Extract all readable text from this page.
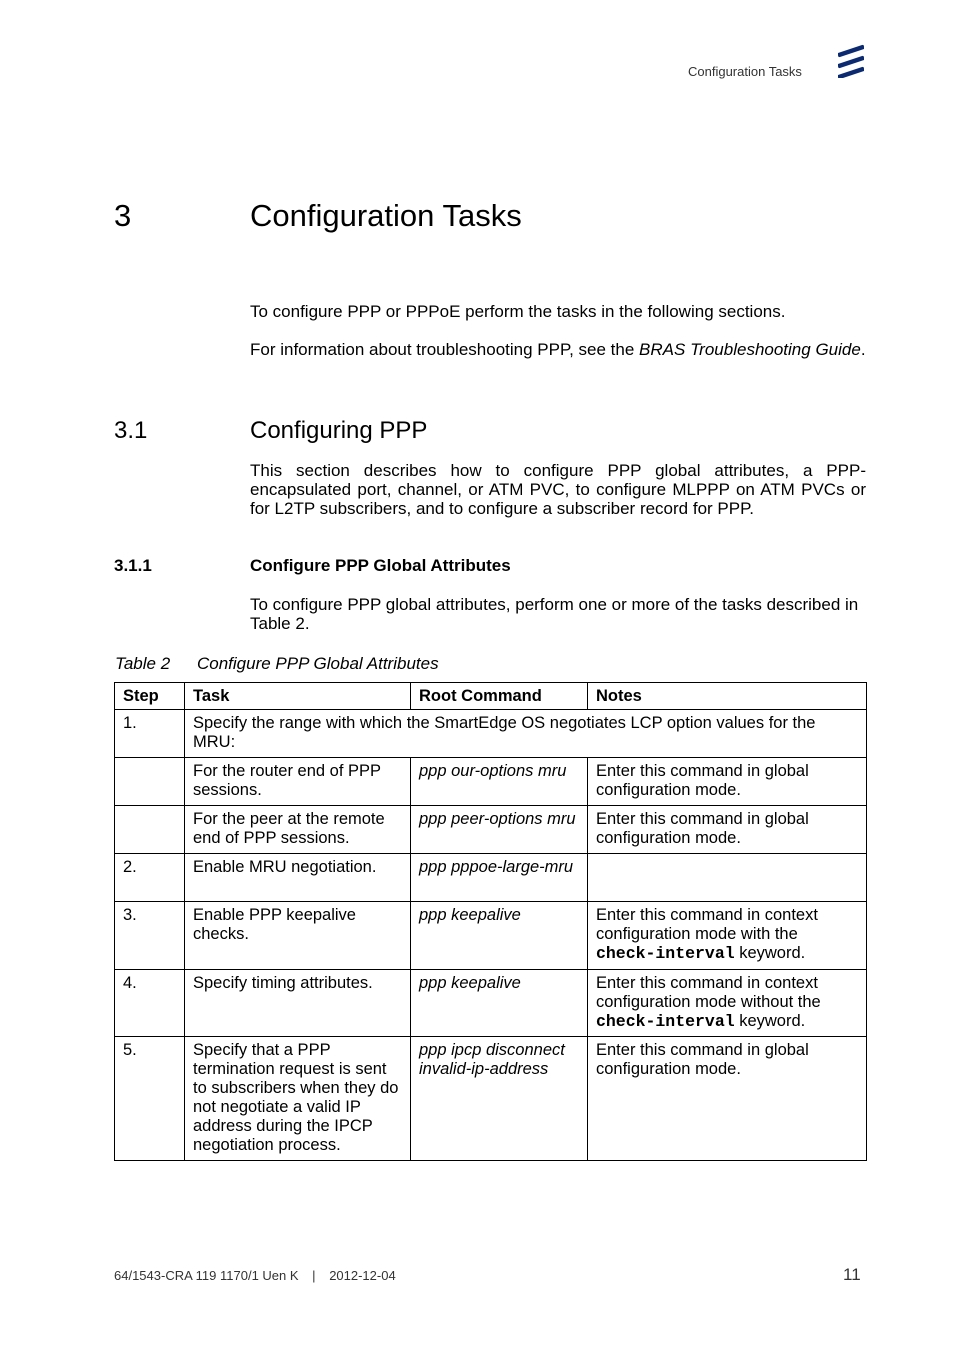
Configuration Tasks
3	Configuration Tasks
To configure PPP or PPPoE perform the tasks in the following sections.
For information about troubleshooting PPP, see the BRAS Troubleshooting Guide.
3.1	Configuring PPP
This section describes how to configure PPP global attributes, a PPP-encapsulated port, channel, or ATM PVC, to configure MLPPP on ATM PVCs or for L2TP subscribers, and to configure a subscriber record for PPP.
3.1.1	Configure PPP Global Attributes
To configure PPP global attributes, perform one or more of the tasks described in Table 2.
Table 2 Configure PPP Global Attributes
Step	Task	Root Command	Notes
1.	Specify the range with which the SmartEdge OS negotiates LCP option values for the MRU:		
	For the router end of PPP sessions.	ppp our-options mru	Enter this command in global configuration mode.
	For the peer at the remote end of PPP sessions.	ppp peer-options mru	Enter this command in global configuration mode.
2.	Enable MRU negotiation.	ppp pppoe-large-mru	
3.	Enable PPP keepalive checks.	ppp keepalive	Enter this command in context configuration mode with the check-interval keyword.
4.	Specify timing attributes.	ppp keepalive	Enter this command in context configuration mode without the check-interval keyword.
5.	Specify that a PPP termination request is sent to subscribers when they do not negotiate a valid IP address during the IPCP negotiation process.	ppp ipcp disconnect invalid-ip-address	Enter this command in global configuration mode.
64/1543-CRA 119 1170/1 Uen K | 2012-12-04	11
